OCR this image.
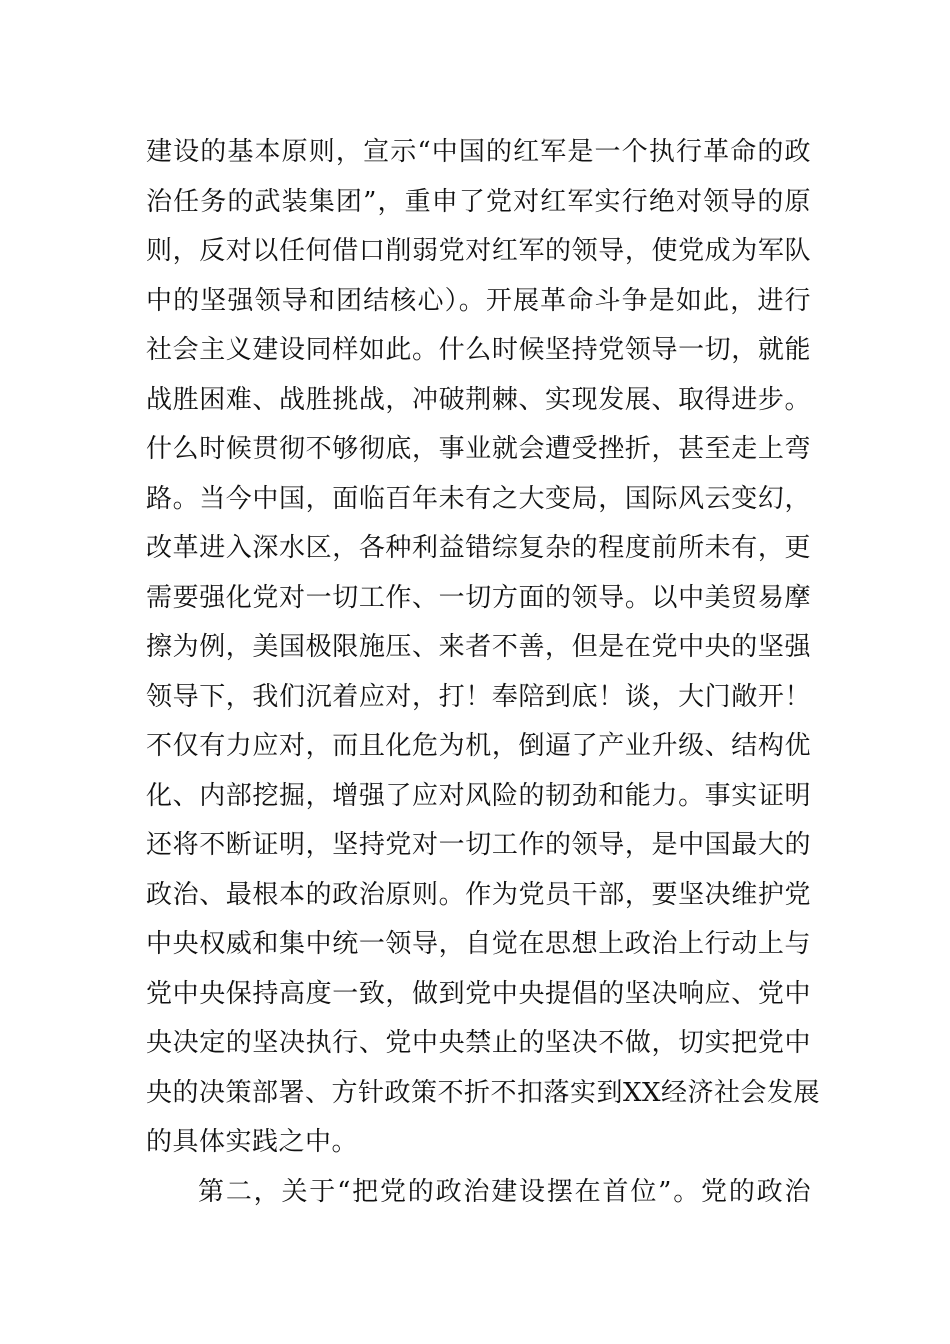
建设的基本原则，宣示“中国的红军是一个执行革命的政
治任务的武装集团”，重申了党对红军实行绝对领导的原
则，反对以任何借口削弱党对红军的领导，使党成为军队
中的坚强领导和团结核心）。开展革命斗争是如此，进行
社会主义建设同样如此。什么时候坚持党领导一切，就能
战胜困难、战胜挑战，冲破荆棘、实现发展、取得进步。
什么时候贯彻不够彻底，事业就会遭受挫折，甚至走上弯
路。当今中国，面临百年未有之大变局，国际风云变幻，
改革进入深水区，各种利益错综复杂的程度前所未有，更
需要强化党对一切工作、一切方面的领导。以中美贸易摩
擦为例，美国极限施压、来者不善，但是在党中央的坚强
领导下，我们沉着应对，打！奉陪到底！谈，大门敞开！
不仅有力应对，而且化危为机，倒逼了产业升级、结构优
化、内部挖掘，增强了应对风险的韧劲和能力。事实证明
还将不断证明，坚持党对一切工作的领导，是中国最大的
政治、最根本的政治原则。作为党员干部，要坚决维护党
中央权威和集中统一领导，自觉在思想上政治上行动上与
党中央保持高度一致，做到党中央提倡的坚决响应、党中
央决定的坚决执行、党中央禁止的坚决不做，切实把党中
央的决策部署、方针政策不折不扣落实到XX经济社会发展
的具体实践之中。
第二，关于“把党的政治建设摆在首位”。党的政治
